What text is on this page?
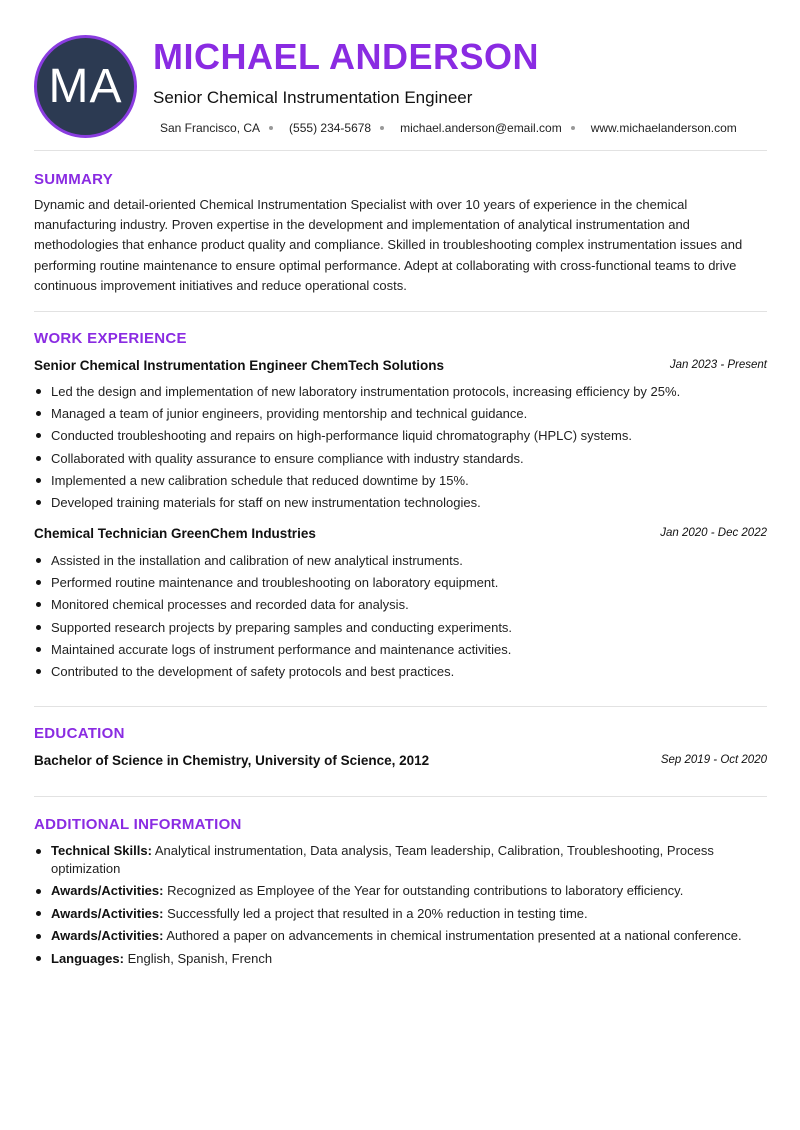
MA
MICHAEL ANDERSON
Senior Chemical Instrumentation Engineer
San Francisco, CA (555) 234-5678 michael.anderson@email.com www.michaelanderson.com
SUMMARY

Dynamic and detail-oriented Chemical Instrumentation Specialist with over 10 years of experience in the chemical manufacturing industry. Proven expertise in the development and implementation of analytical instrumentation and methodologies that enhance product quality and compliance. Skilled in troubleshooting complex instrumentation issues and performing routine maintenance to ensure optimal performance. Adept at collaborating with cross-functional teams to drive continuous improvement initiatives and reduce operational costs.

WORK EXPERIENCE
Senior Chemical Instrumentation Engineer ChemTech Solutions	Jan 2023 - Present
Led the design and implementation of new laboratory instrumentation protocols, increasing efficiency by 25%.
Managed a team of junior engineers, providing mentorship and technical guidance.
Conducted troubleshooting and repairs on high-performance liquid chromatography (HPLC) systems.
Collaborated with quality assurance to ensure compliance with industry standards.
Implemented a new calibration schedule that reduced downtime by 15%.
Developed training materials for staff on new instrumentation technologies.
Chemical Technician GreenChem Industries	Jan 2020 - Dec 2022
Assisted in the installation and calibration of new analytical instruments.
Performed routine maintenance and troubleshooting on laboratory equipment.
Monitored chemical processes and recorded data for analysis.
Supported research projects by preparing samples and conducting experiments.
Maintained accurate logs of instrument performance and maintenance activities.
Contributed to the development of safety protocols and best practices.
EDUCATION
Bachelor of Science in Chemistry, University of Science, 2012	Sep 2019 - Oct 2020
ADDITIONAL INFORMATION
Technical Skills: Analytical instrumentation, Data analysis, Team leadership, Calibration, Troubleshooting, Process optimization
Awards/Activities: Recognized as Employee of the Year for outstanding contributions to laboratory efficiency.
Awards/Activities: Successfully led a project that resulted in a 20% reduction in testing time.
Awards/Activities: Authored a paper on advancements in chemical instrumentation presented at a national conference.
Languages: English, Spanish, French
